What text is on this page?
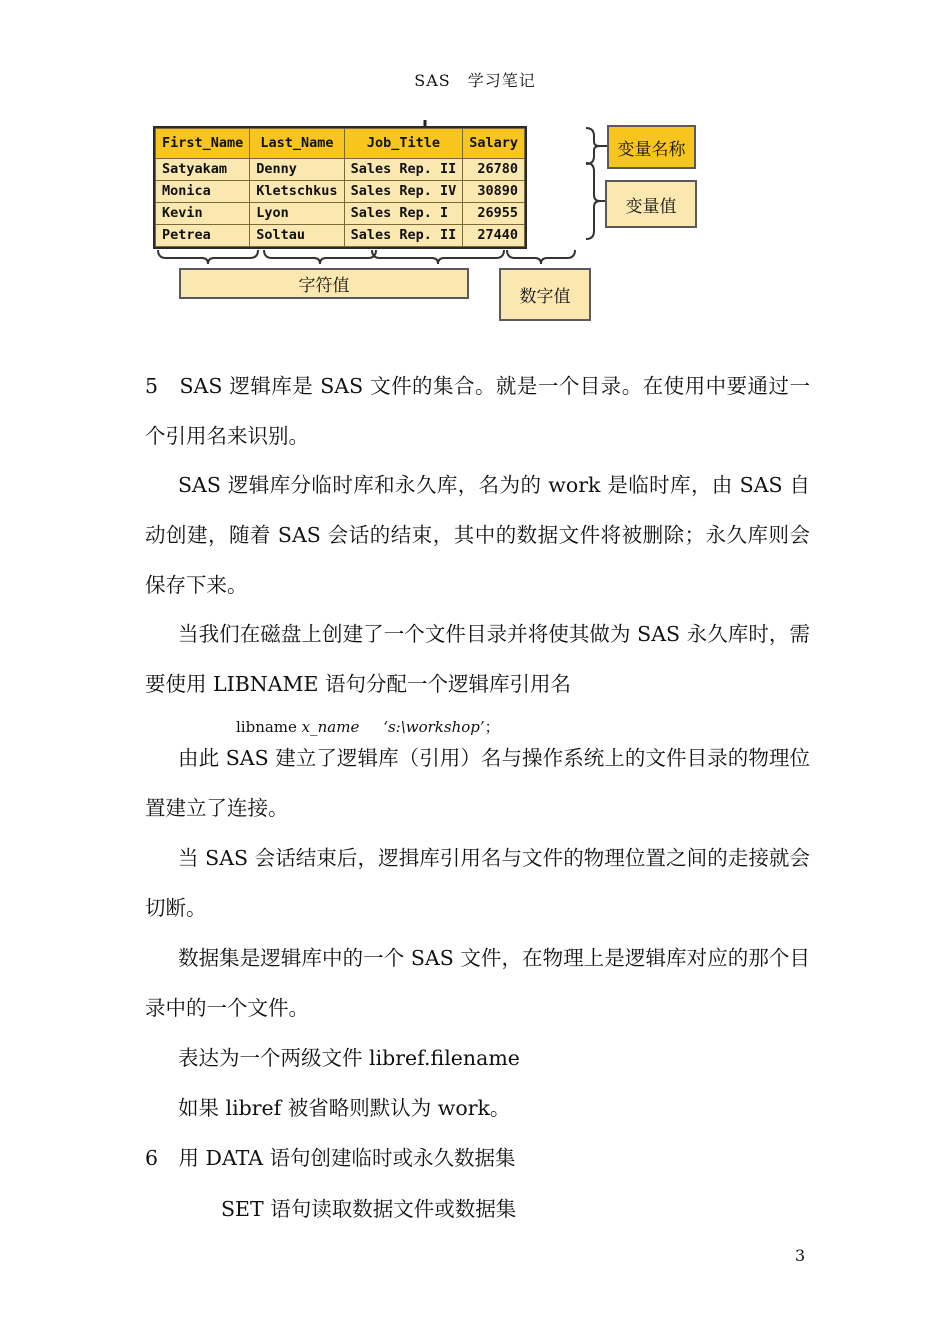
SAS　学习笔记
First_Name	Last_Name	Job_Title	Salary
Satyakam	Denny	Sales Rep. II	26780
Monica	Kletschkus	Sales Rep. IV	30890
Kevin	Lyon	Sales Rep. I	26955
Petrea	Soltau	Sales Rep. II	27440
变量名称
变量值
字符值
数字值

5　SAS 逻辑库是 SAS 文件的集合。就是一个目录。在使用中要通过一个引用名来识别。

SAS 逻辑库分临时库和永久库，名为的 work 是临时库，由 SAS 自动创建，随着 SAS 会话的结束，其中的数据文件将被删除；永久库则会保存下来。

当我们在磁盘上创建了一个文件目录并将使其做为 SAS 永久库时，需要使用 LIBNAME 语句分配一个逻辑库引用名

libname x_name ‘s:\workshop’；

由此 SAS 建立了逻辑库（引用）名与操作系统上的文件目录的物理位置建立了连接。

当 SAS 会话结束后，逻揖库引用名与文件的物理位置之间的走接就会切断。

数据集是逻辑库中的一个 SAS 文件，在物理上是逻辑库对应的那个目录中的一个文件。

表达为一个两级文件 libref.filename

如果 libref 被省略则默认为 work。

6　用 DATA 语句创建临时或永久数据集

SET 语句读取数据文件或数据集
3
